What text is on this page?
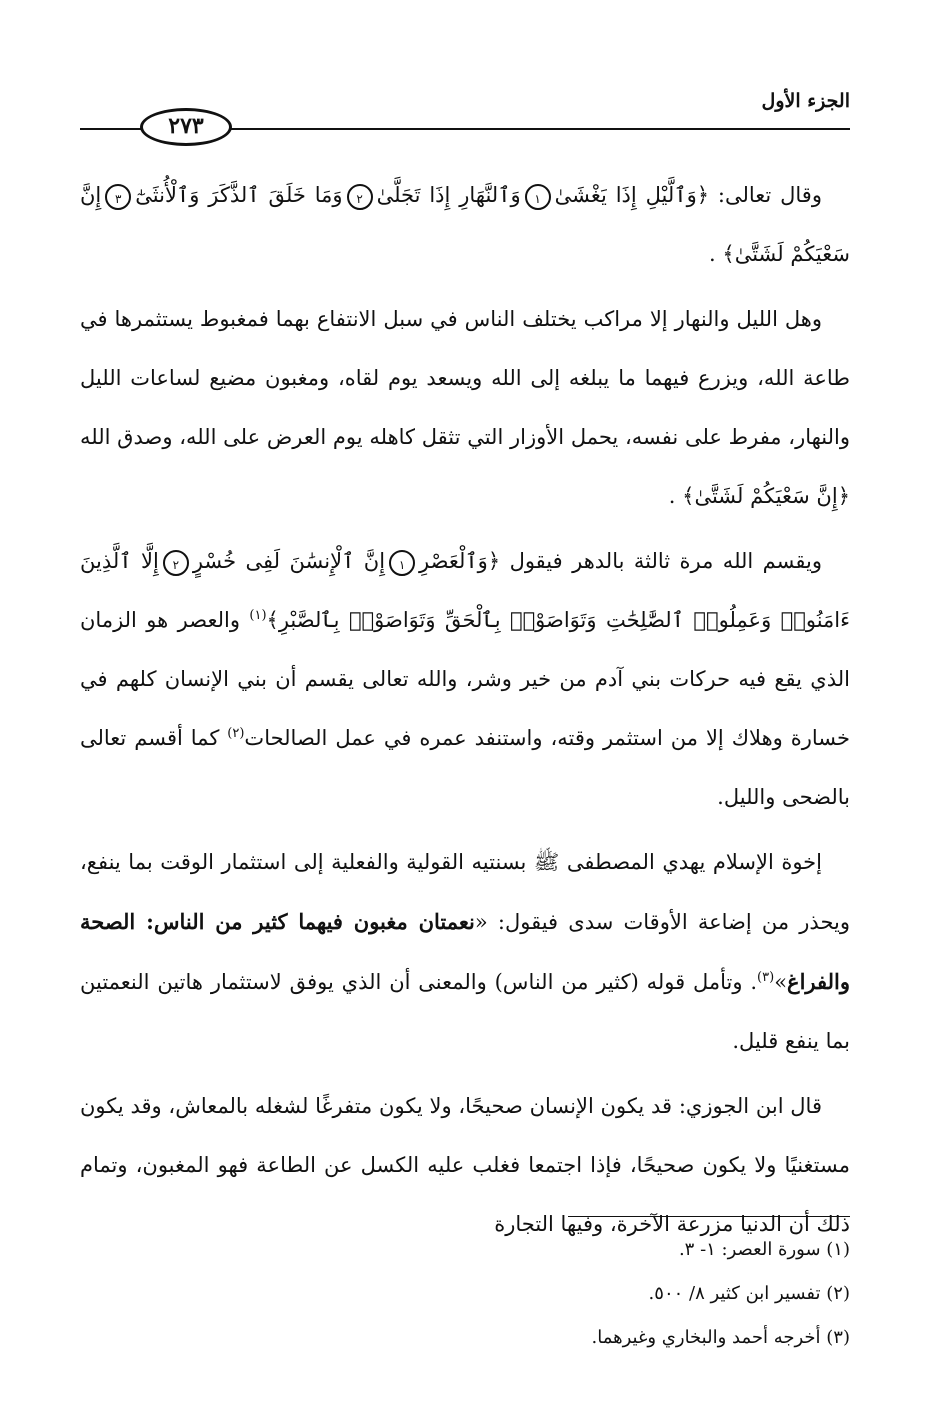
٢٧٣
الجزء الأول

وقال تعالى: ﴿وَٱلَّيْلِ إِذَا يَغْشَىٰ١وَٱلنَّهَارِ إِذَا تَجَلَّىٰ٢وَمَا خَلَقَ ٱلذَّكَرَ وَٱلْأُنثَىٰٓ٣إِنَّ سَعْيَكُمْ لَشَتَّىٰ﴾ .

وهل الليل والنهار إلا مراكب يختلف الناس في سبل الانتفاع بهما فمغبوط يستثمرها في طاعة الله، ويزرع فيهما ما يبلغه إلى الله ويسعد يوم لقاه، ومغبون مضيع لساعات الليل والنهار، مفرط على نفسه، يحمل الأوزار التي تثقل كاهله يوم العرض على الله، وصدق الله ﴿إِنَّ سَعْيَكُمْ لَشَتَّىٰ﴾ .

ويقسم الله مرة ثالثة بالدهر فيقول ﴿وَٱلْعَصْرِ١إِنَّ ٱلْإِنسَٰنَ لَفِى خُسْرٍ٢إِلَّا ٱلَّذِينَ ءَامَنُوا۟ وَعَمِلُوا۟ ٱلصَّٰلِحَٰتِ وَتَوَاصَوْا۟ بِٱلْحَقِّ وَتَوَاصَوْا۟ بِٱلصَّبْرِ﴾$^{(١)}$ والعصر هو الزمان الذي يقع فيه حركات بني آدم من خير وشر، والله تعالى يقسم أن بني الإنسان كلهم في خسارة وهلاك إلا من استثمر وقته، واستنفد عمره في عمل الصالحات$^{(٢)}$ كما أقسم تعالى بالضحى والليل.

إخوة الإسلام يهدي المصطفى ﷺ بسنتيه القولية والفعلية إلى استثمار الوقت بما ينفع، ويحذر من إضاعة الأوقات سدى فيقول: «نعمتان مغبون فيهما كثير من الناس: الصحة والفراغ»$^{(٣)}$. وتأمل قوله (كثير من الناس) والمعنى أن الذي يوفق لاستثمار هاتين النعمتين بما ينفع قليل.

قال ابن الجوزي: قد يكون الإنسان صحيحًا، ولا يكون متفرغًا لشغله بالمعاش، وقد يكون مستغنيًا ولا يكون صحيحًا، فإذا اجتمعا فغلب عليه الكسل عن الطاعة فهو المغبون، وتمام ذلك أن الدنيا مزرعة الآخرة، وفيها التجارة

(١) سورة العصر: ١- ٣.

(٢) تفسير ابن كثير ٨/ ٥٠٠.

(٣) أخرجه أحمد والبخاري وغيرهما.
